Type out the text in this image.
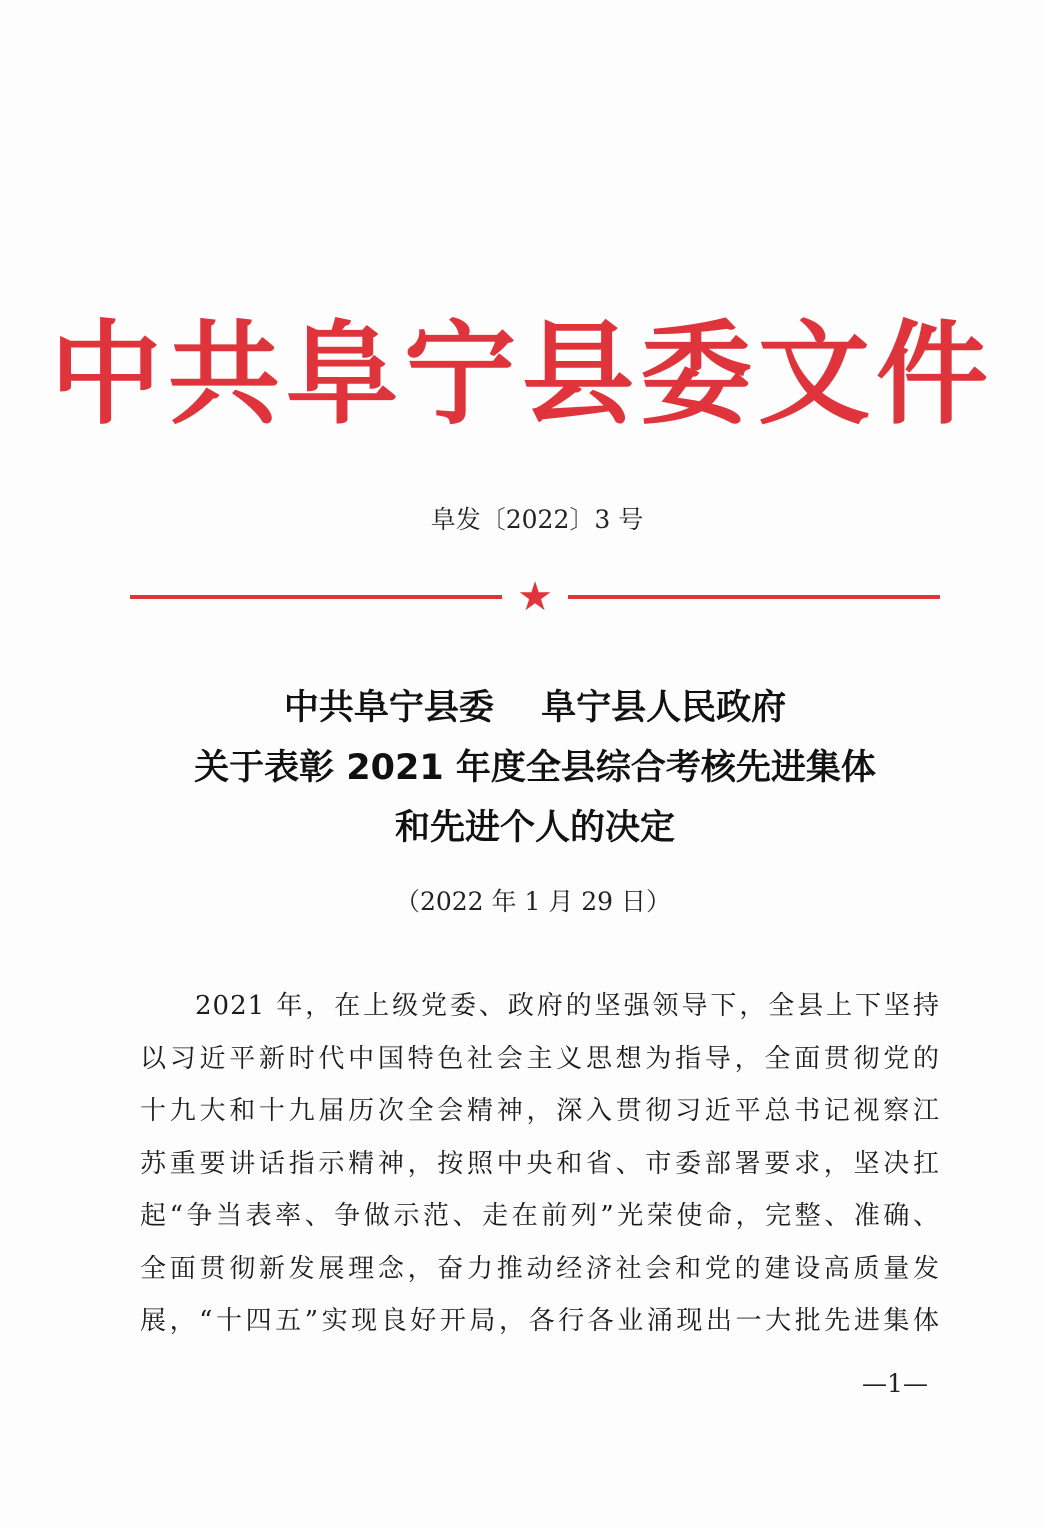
中共阜宁县委文件
阜发〔2022〕3 号
★
中共阜宁县委　 阜宁县人民政府
关于表彰 2021 年度全县综合考核先进集体
和先进个人的决定
（2022 年 1 月 29 日）
2021 年，在上级党委、政府的坚强领导下，全县上下坚持
以习近平新时代中国特色社会主义思想为指导，全面贯彻党的
十九大和十九届历次全会精神，深入贯彻习近平总书记视察江
苏重要讲话指示精神，按照中央和省、市委部署要求，坚决扛
起“争当表率、争做示范、走在前列”光荣使命，完整、准确、
全面贯彻新发展理念，奋力推动经济社会和党的建设高质量发
展，“十四五”实现良好开局，各行各业涌现出一大批先进集体
—1—
